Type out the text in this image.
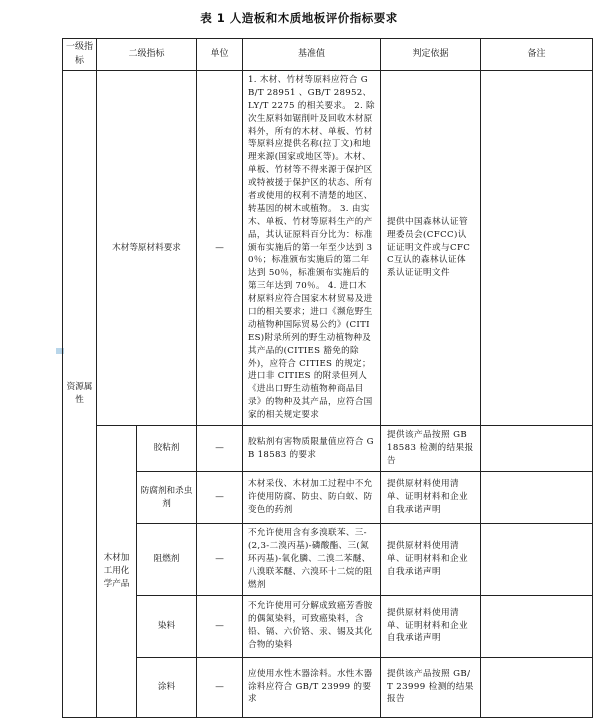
表 1 人造板和木质地板评价指标要求
一级指标	二级指标		单位	基准值	判定依据	备注
资源属性	木材等原材料要求		—	1. 木材、竹材等原料应符合 GB/T 28951 、GB/T 28952、LY/T 2275 的相关要求。 2. 除次生原料如锯削叶及回收木材原料外，所有的木材、单板、竹材等原料应提供名称(拉丁文)和地理来源(国家或地区等)。木材、单板、竹材等不得来源于保护区或特被援于保护区的状态、所有者或使用的权利不清楚的地区、转基因的树木或植物。 3. 由实木、单板、竹材等原料生产的产品，其认证原料百分比为：标准颁布实施后的第一年至少达到 30％；标准颁布实施后的第二年达到 50％，标准颁布实施后的第三年达到 70％。 4. 进口木材原料应符合国家木材贸易及进口的相关要求；进口《濒危野生动植物种国际贸易公约》(CITIES)附录所列的野生动植物种及其产品的(CITIES 豁免的除外)，应符合 CITIES 的规定；进口非 CITIES 的附录但列人《进出口野生动植物种商品目录》的物种及其产品，应符合国家的相关规定要求	提供中国森林认证管理委员会(CFCC)认证证明文件或与CFCC互认的森林认证体系认证证明文件	
	木材加工用化学产品	胶粘剂	—	胶粘剂有害物质限量值应符合 GB 18583 的要求	提供该产品按照 GB 18583 检测的结果报告	
		防腐剂和杀虫剂	—	木材采伐、木材加工过程中不允许使用防腐、防虫、防白蚁、防变色的药剂	提供原材料使用清单、证明材料和企业自我承诺声明	
		阻燃剂	—	不允许使用含有多溴联苯、三-(2,3-二溴丙基)-磷酸酯、三(氮环丙基)-氧化膦、二溴二苯醚、八溴联苯醚、六溴环十二烷的阻燃剂	提供原材料使用清单、证明材料和企业自我承诺声明	
		染料	—	不允许使用可分解成致癌芳香胺的偶氮染料，可致癌染料，含铅、镉、六价铬、汞、锡及其化合物的染料	提供原材料使用清单、证明材料和企业自我承诺声明	
		涂料	—	应使用水性木器涂料。水性木器涂料应符合 GB/T 23999 的要求	提供该产品按照 GB/T 23999 检测的结果报告	
